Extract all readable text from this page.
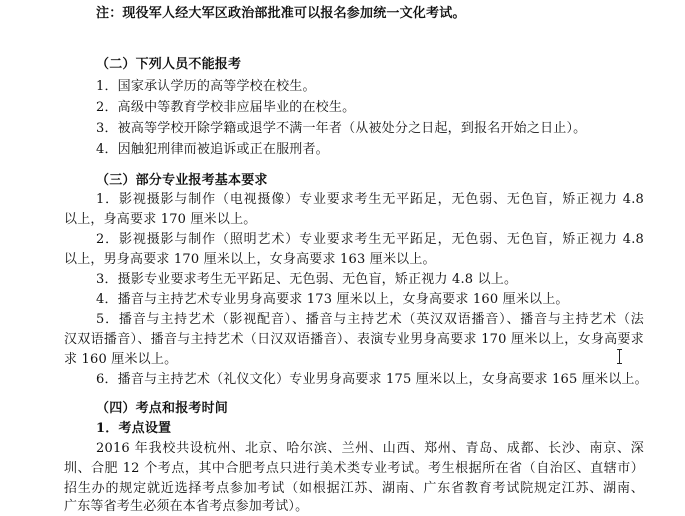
注：现役军人经大军区政治部批准可以报名参加统一文化考试。
（二）下列人员不能报考
1．国家承认学历的高等学校在校生。
2．高级中等教育学校非应届毕业的在校生。
3．被高等学校开除学籍或退学不满一年者（从被处分之日起，到报名开始之日止）。
4．因触犯刑律而被追诉或正在服刑者。
（三）部分专业报考基本要求
1．影视摄影与制作（电视摄像）专业要求考生无平跖足，无色弱、无色盲，矫正视力 4.8
以上，身高要求 170 厘米以上。
2．影视摄影与制作（照明艺术）专业要求考生无平跖足，无色弱、无色盲，矫正视力 4.8
以上，男身高要求 170 厘米以上，女身高要求 163 厘米以上。
3．摄影专业要求考生无平跖足、无色弱、无色盲，矫正视力 4.8 以上。
4．播音与主持艺术专业男身高要求 173 厘米以上，女身高要求 160 厘米以上。
5．播音与主持艺术（影视配音）、播音与主持艺术（英汉双语播音）、播音与主持艺术（法
汉双语播音）、播音与主持艺术（日汉双语播音）、表演专业男身高要求 170 厘米以上，女身高要求
求 160 厘米以上。
6．播音与主持艺术（礼仪文化）专业男身高要求 175 厘米以上，女身高要求 165 厘米以上。
（四）考点和报考时间
1．考点设置
2016 年我校共设杭州、北京、哈尔滨、兰州、山西、郑州、青岛、成都、长沙、南京、深
圳、合肥 12 个考点，其中合肥考点只进行美术类专业考试。考生根据所在省（自治区、直辖市）
招生办的规定就近选择考点参加考试（如根据江苏、湖南、广东省教育考试院规定江苏、湖南、
广东等省考生必须在本省考点参加考试）。
